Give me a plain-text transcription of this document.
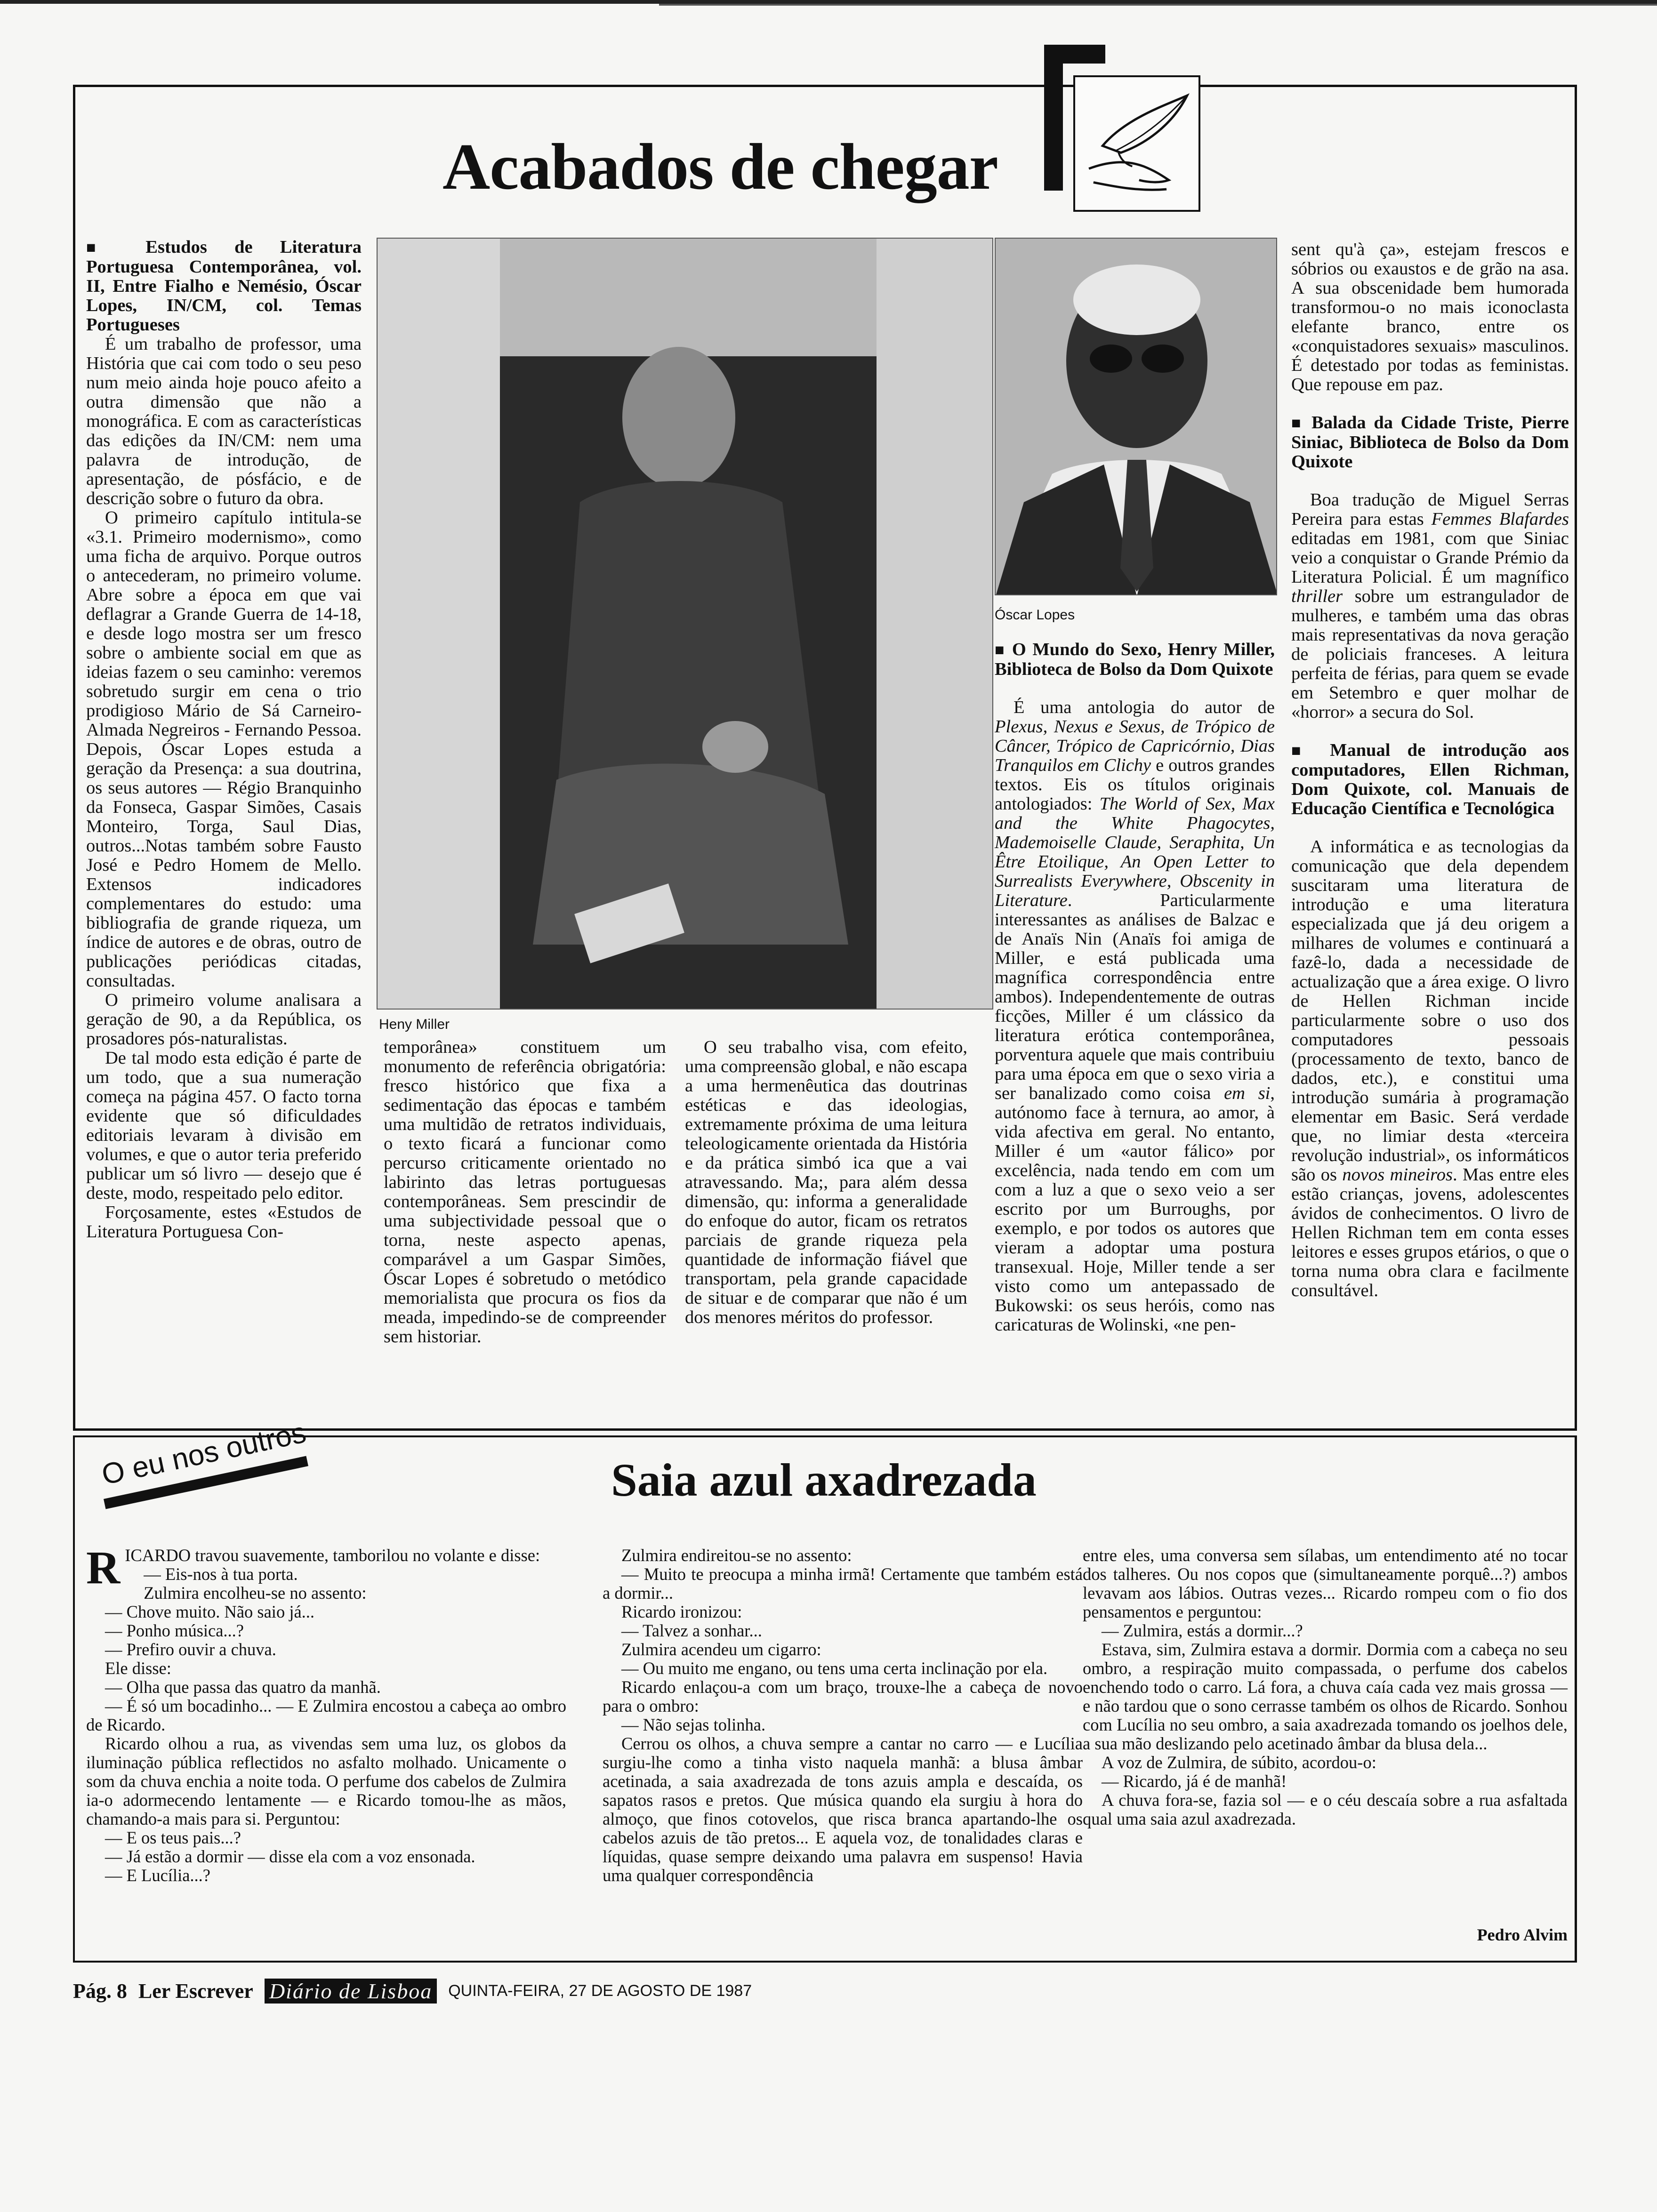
Acabados de chegar

■ Estudos de Literatura Portuguesa Contemporânea, vol. II, Entre Fialho e Nemésio, Óscar Lopes, IN/CM, col. Temas Portugueses

É um trabalho de professor, uma História que cai com todo o seu peso num meio ainda hoje pouco afeito a outra dimensão que não a monográfica. E com as características das edições da IN/CM: nem uma palavra de introdução, de apresentação, de pósfácio, e de descrição sobre o futuro da obra.

O primeiro capítulo intitula-se «3.1. Primeiro modernismo», como uma ficha de arquivo. Porque outros o antecederam, no primeiro volume. Abre sobre a época em que vai deflagrar a Grande Guerra de 14-18, e desde logo mostra ser um fresco sobre o ambiente social em que as ideias fazem o seu caminho: veremos sobretudo surgir em cena o trio prodigioso Mário de Sá Carneiro-Almada Negreiros - Fernando Pessoa. Depois, Óscar Lopes estuda a geração da Presença: a sua doutrina, os seus autores — Régio Branquinho da Fonseca, Gaspar Simões, Casais Monteiro, Torga, Saul Dias, outros...Notas também sobre Fausto José e Pedro Homem de Mello. Extensos indicadores complementares do estudo: uma bibliografia de grande riqueza, um índice de autores e de obras, outro de publicações periódicas citadas, consultadas.

O primeiro volume analisara a geração de 90, a da República, os prosadores pós-naturalistas.

De tal modo esta edição é parte de um todo, que a sua numeração começa na página 457. O facto torna evidente que só dificuldades editoriais levaram à divisão em volumes, e que o autor teria preferido publicar um só livro — desejo que é deste, modo, respeitado pelo editor.

Forçosamente, estes «Estudos de Literatura Portuguesa Con-

Heny Miller
Óscar Lopes

temporânea» constituem um monumento de referência obrigatória: fresco histórico que fixa a sedimentação das épocas e também uma multidão de retratos individuais, o texto ficará a funcionar como percurso criticamente orientado no labirinto das letras portuguesas contemporâneas. Sem prescindir de uma subjectividade pessoal que o torna, neste aspecto apenas, comparável a um Gaspar Simões, Óscar Lopes é sobretudo o metódico memorialista que procura os fios da meada, impedindo-se de compreender sem historiar.

O seu trabalho visa, com efeito, uma compreensão global, e não escapa a uma hermenêutica das doutrinas estéticas e das ideologias, extremamente próxima de uma leitura teleologicamente orientada da História e da prática simbó ica que a vai atravessando. Ma;, para além dessa dimensão, qu: informa a generalidade do enfoque do autor, ficam os retratos parciais de grande riqueza pela quantidade de informação fiável que transportam, pela grande capacidade de situar e de comparar que não é um dos menores méritos do professor.

■ O Mundo do Sexo, Henry Miller, Biblioteca de Bolso da Dom Quixote

É uma antologia do autor de Plexus, Nexus e Sexus, de Trópico de Câncer, Trópico de Capricórnio, Dias Tranquilos em Clichy e outros grandes textos. Eis os títulos originais antologiados: The World of Sex, Max and the White Phagocytes, Mademoiselle Claude, Seraphita, Un Être Etoilique, An Open Letter to Surrealists Everywhere, Obscenity in Literature. Particularmente interessantes as análises de Balzac e de Anaïs Nin (Anaïs foi amiga de Miller, e está publicada uma magnífica correspondência entre ambos). Independentemente de outras ficções, Miller é um clássico da literatura erótica contemporânea, porventura aquele que mais contribuiu para uma época em que o sexo viria a ser banalizado como coisa em si, autónomo face à ternura, ao amor, à vida afectiva em geral. No entanto, Miller é um «autor fálico» por excelência, nada tendo em com um com a luz a que o sexo veio a ser escrito por um Burroughs, por exemplo, e por todos os autores que vieram a adoptar uma postura transexual. Hoje, Miller tende a ser visto como um antepassado de Bukowski: os seus heróis, como nas caricaturas de Wolinski, «ne pen-

sent qu'à ça», estejam frescos e sóbrios ou exaustos e de grão na asa. A sua obscenidade bem humorada transformou-o no mais iconoclasta elefante branco, entre os «conquistadores sexuais» masculinos. É detestado por todas as feministas. Que repouse em paz.

■ Balada da Cidade Triste, Pierre Siniac, Biblioteca de Bolso da Dom Quixote

Boa tradução de Miguel Serras Pereira para estas Femmes Blafardes editadas em 1981, com que Siniac veio a conquistar o Grande Prémio da Literatura Policial. É um magnífico thriller sobre um estrangulador de mulheres, e também uma das obras mais representativas da nova geração de policiais franceses. A leitura perfeita de férias, para quem se evade em Setembro e quer molhar de «horror» a secura do Sol.

■ Manual de introdução aos computadores, Ellen Richman, Dom Quixote, col. Manuais de Educação Científica e Tecnológica

A informática e as tecnologias da comunicação que dela dependem suscitaram uma literatura de introdução e uma literatura especializada que já deu origem a milhares de volumes e continuará a fazê-lo, dada a necessidade de actualização que a área exige. O livro de Hellen Richman incide particularmente sobre o uso dos computadores pessoais (processamento de texto, banco de dados, etc.), e constitui uma introdução sumária à programação elementar em Basic. Será verdade que, no limiar desta «terceira revolução industrial», os informáticos são os novos mineiros. Mas entre eles estão crianças, jovens, adolescentes ávidos de conhecimentos. O livro de Hellen Richman tem em conta esses leitores e esses grupos etários, o que o torna numa obra clara e facilmente consultável.

O eu nos outros	Saia azul axadrezada

RICARDO travou suavemente, tamborilou no volante e disse:

— Eis-nos à tua porta.

Zulmira encolheu-se no assento:

— Chove muito. Não saio já...

— Ponho música...?

— Prefiro ouvir a chuva.

Ele disse:

— Olha que passa das quatro da manhã.

— É só um bocadinho... — E Zulmira encostou a cabeça ao ombro de Ricardo.

Ricardo olhou a rua, as vivendas sem uma luz, os globos da iluminação pública reflectidos no asfalto molhado. Unicamente o som da chuva enchia a noite toda. O perfume dos cabelos de Zulmira ia-o adormecendo lentamente — e Ricardo tomou-lhe as mãos, chamando-a mais para si. Perguntou:

— E os teus pais...?

— Já estão a dormir — disse ela com a voz ensonada.

— E Lucília...?

Zulmira endireitou-se no assento:

— Muito te preocupa a minha irmã! Certamente que também está a dormir...

Ricardo ironizou:

— Talvez a sonhar...

Zulmira acendeu um cigarro:

— Ou muito me engano, ou tens uma certa inclinação por ela.

Ricardo enlaçou-a com um braço, trouxe-lhe a cabeça de novo para o ombro:

— Não sejas tolinha.

Cerrou os olhos, a chuva sempre a cantar no carro — e Lucília surgiu-lhe como a tinha visto naquela manhã: a blusa âmbar acetinada, a saia axadrezada de tons azuis ampla e descaída, os sapatos rasos e pretos. Que música quando ela surgiu à hora do almoço, que finos cotovelos, que risca branca apartando-lhe os cabelos azuis de tão pretos... E aquela voz, de tonalidades claras e líquidas, quase sempre deixando uma palavra em suspenso! Havia uma qualquer correspondência

entre eles, uma conversa sem sílabas, um entendimento até no tocar dos talheres. Ou nos copos que (simultaneamente porquê...?) ambos levavam aos lábios. Outras vezes... Ricardo rompeu com o fio dos pensamentos e perguntou:

— Zulmira, estás a dormir...?

Estava, sim, Zulmira estava a dormir. Dormia com a cabeça no seu ombro, a respiração muito compassada, o perfume dos cabelos enchendo todo o carro. Lá fora, a chuva caía cada vez mais grossa — e não tardou que o sono cerrasse também os olhos de Ricardo. Sonhou com Lucília no seu ombro, a saia axadrezada tomando os joelhos dele, a sua mão deslizando pelo acetinado âmbar da blusa dela...

A voz de Zulmira, de súbito, acordou-o:

— Ricardo, já é de manhã!

A chuva fora-se, fazia sol — e o céu descaía sobre a rua asfaltada qual uma saia azul axadrezada.

Pedro Alvim
Pág. 8 Ler Escrever Diário de Lisboa QUINTA-FEIRA, 27 DE AGOSTO DE 1987
